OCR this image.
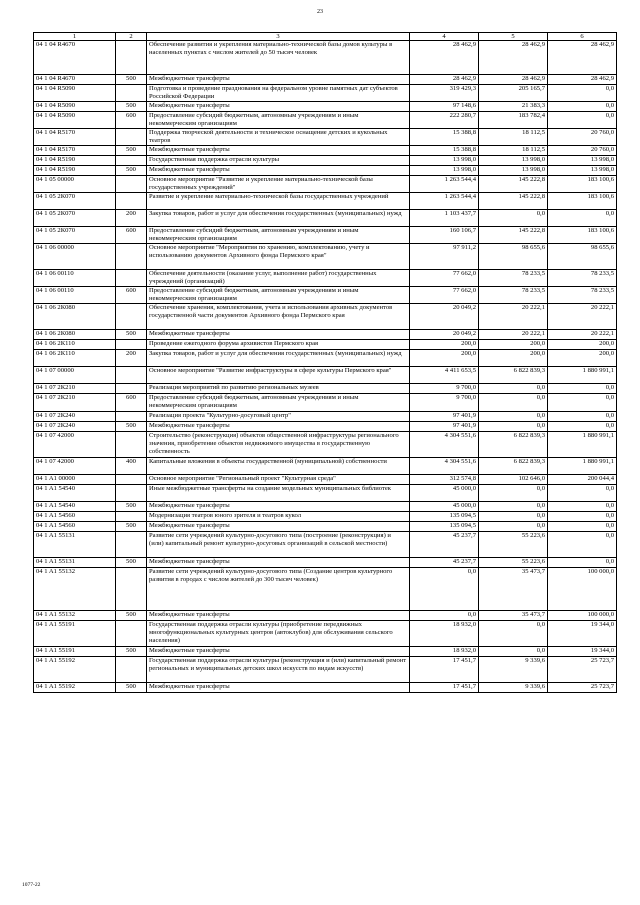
23
1	2	3	4	5	6
04 1 04 R4670		Обеспечение развития и укрепления материально-технической базы домов культуры в населенных пунктах с числом жителей до 50 тысяч человек	28 462,9	28 462,9	28 462,9
04 1 04 R4670	500	Межбюджетные трансферты	28 462,9	28 462,9	28 462,9
04 1 04 R5090		Подготовка и проведение празднования на федеральном уровне памятных дат субъектов Российской Федерации	319 429,3	205 165,7	0,0
04 1 04 R5090	500	Межбюджетные трансферты	97 148,6	21 383,3	0,0
04 1 04 R5090	600	Предоставление субсидий бюджетным, автономным учреждениям и иным некоммерческим организациям	222 280,7	183 782,4	0,0
04 1 04 R5170		Поддержка творческой деятельности и техническое оснащение детских и кукольных театров	15 388,8	18 112,5	20 760,0
04 1 04 R5170	500	Межбюджетные трансферты	15 388,8	18 112,5	20 760,0
04 1 04 R5190		Государственная поддержка отрасли культуры	13 998,0	13 998,0	13 998,0
04 1 04 R5190	500	Межбюджетные трансферты	13 998,0	13 998,0	13 998,0
04 1 05 00000		Основное мероприятие "Развитие и укрепление материально-технической базы государственных учреждений"	1 263 544,4	145 222,8	183 100,6
04 1 05 2К070		Развитие и укрепление материально-технической базы государственных учреждений	1 263 544,4	145 222,8	183 100,6
04 1 05 2К070	200	Закупка товаров, работ и услуг для обеспечения государственных (муниципальных) нужд	1 103 437,7	0,0	0,0
04 1 05 2К070	600	Предоставление субсидий бюджетным, автономным учреждениям и иным некоммерческим организациям	160 106,7	145 222,8	183 100,6
04 1 06 00000		Основное мероприятие "Мероприятия по хранению, комплектованию, учету и использованию документов Архивного фонда Пермского края"	97 911,2	98 655,6	98 655,6
04 1 06 00110		Обеспечение деятельности (оказание услуг, выполнение работ) государственных учреждений (организаций)	77 662,0	78 233,5	78 233,5
04 1 06 00110	600	Предоставление субсидий бюджетным, автономным учреждениям и иным некоммерческим организациям	77 662,0	78 233,5	78 233,5
04 1 06 2К080		Обеспечение хранения, комплектования, учета и использования архивных документов государственной части документов Архивного фонда Пермского края	20 049,2	20 222,1	20 222,1
04 1 06 2К080	500	Межбюджетные трансферты	20 049,2	20 222,1	20 222,1
04 1 06 2К110		Проведение ежегодного форума архивистов Пермского края	200,0	200,0	200,0
04 1 06 2К110	200	Закупка товаров, работ и услуг для обеспечения государственных (муниципальных) нужд	200,0	200,0	200,0
04 1 07 00000		Основное мероприятие "Развитие инфраструктуры в сфере культуры Пермского края"	4 411 653,5	6 822 839,3	1 880 991,1
04 1 07 2К210		Реализация мероприятий по развитию региональных музеев	9 700,0	0,0	0,0
04 1 07 2К210	600	Предоставление субсидий бюджетным, автономным учреждениям и иным некоммерческим организациям	9 700,0	0,0	0,0
04 1 07 2К240		Реализация проекта "Культурно-досуговый центр"	97 401,9	0,0	0,0
04 1 07 2К240	500	Межбюджетные трансферты	97 401,9	0,0	0,0
04 1 07 42000		Строительство (реконструкция) объектов общественной инфраструктуры регионального значения, приобретение объектов недвижимого имущества в государственную собственность	4 304 551,6	6 822 839,3	1 880 991,1
04 1 07 42000	400	Капитальные вложения в объекты государственной (муниципальной) собственности	4 304 551,6	6 822 839,3	1 880 991,1
04 1 A1 00000		Основное мероприятие "Региональный проект "Культурная среда"	312 574,8	102 646,0	200 044,4
04 1 A1 54540		Иные межбюджетные трансферты на создание модельных муниципальных библиотек	45 000,0	0,0	0,0
04 1 A1 54540	500	Межбюджетные трансферты	45 000,0	0,0	0,0
04 1 A1 54560		Модернизация театров юного зрителя и театров кукол	135 094,5	0,0	0,0
04 1 A1 54560	500	Межбюджетные трансферты	135 094,5	0,0	0,0
04 1 A1 55131		Развитие сети учреждений культурно-досугового типа (построение (реконструкция) и (или) капитальный ремонт культурно-досуговых организаций в сельской местности)	45 237,7	55 223,6	0,0
04 1 A1 55131	500	Межбюджетные трансферты	45 237,7	55 223,6	0,0
04 1 A1 55132		Развитие сети учреждений культурно-досугового типа (Создание центров культурного развития в городах с числом жителей до 300 тысяч человек)	0,0	35 473,7	100 000,0
04 1 A1 55132	500	Межбюджетные трансферты	0,0	35 473,7	100 000,0
04 1 A1 55191		Государственная поддержка отрасли культуры (приобретение передвижных многофункциональных культурных центров (автоклубов) для обслуживания сельского населения)	18 932,0	0,0	19 344,0
04 1 A1 55191	500	Межбюджетные трансферты	18 932,0	0,0	19 344,0
04 1 A1 55192		Государственная поддержка отрасли культуры (реконструкция и (или) капитальный ремонт региональных и муниципальных детских школ искусств по видам искусств)	17 451,7	9 339,6	25 723,7
04 1 A1 55192	500	Межбюджетные трансферты	17 451,7	9 339,6	25 723,7
1077-22
